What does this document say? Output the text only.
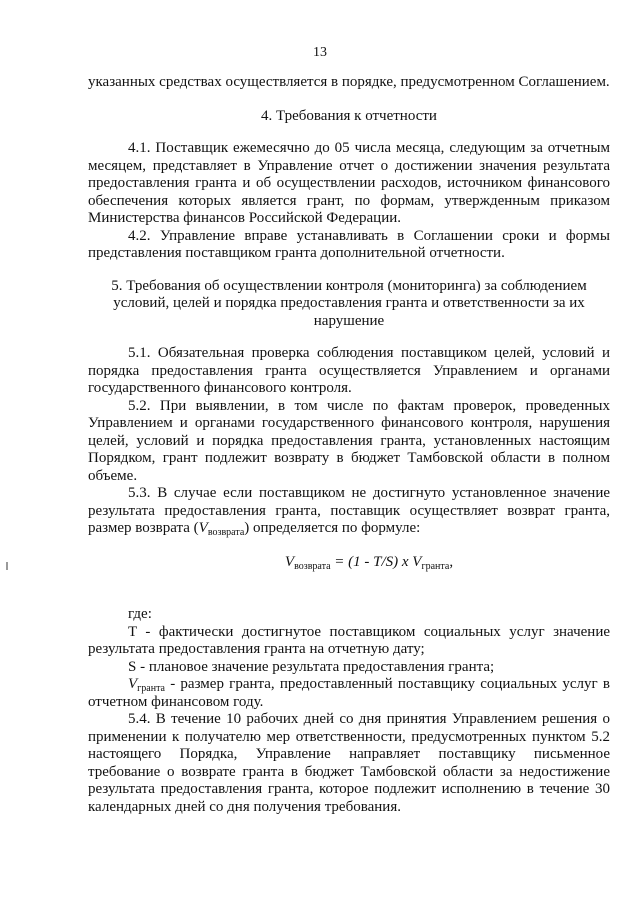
13

указанных средствах осуществляется в порядке, предусмотренном Соглашением.

4. Требования к отчетности

4.1. Поставщик ежемесячно до 05 числа месяца, следующим за отчетным месяцем, представляет в Управление отчет о достижении значения результата предоставления гранта и об осуществлении расходов, источником финансового обеспечения которых является грант, по формам, утвержденным приказом Министерства финансов Российской Федерации.

4.2. Управление вправе устанавливать в Соглашении сроки и формы представления поставщиком гранта дополнительной отчетности.

5. Требования об осуществлении контроля (мониторинга) за соблюдением
условий, целей и порядка предоставления гранта и ответственности за их
нарушение

5.1. Обязательная проверка соблюдения поставщиком целей, условий и порядка предоставления гранта осуществляется Управлением и органами государственного финансового контроля.

5.2. При выявлении, в том числе по фактам проверок, проведенных Управлением и органами государственного финансового контроля, нарушения целей, условий и порядка предоставления гранта, установленных настоящим Порядком, грант подлежит возврату в бюджет Тамбовской области в полном объеме.

5.3. В случае если поставщиком не достигнуто установленное значение результата предоставления гранта, поставщик осуществляет возврат гранта, размер возврата $(V_{возврата})$ определяется по формуле:

$V_{возврата} = (1 - T/S)$ x $V_{гранта}$,

где:

T - фактически достигнутое поставщиком социальных услуг значение результата предоставления гранта на отчетную дату;

S - плановое значение результата предоставления гранта;

$V_{гранта}$ - размер гранта, предоставленный поставщику социальных услуг в отчетном финансовом году.

5.4. В течение 10 рабочих дней со дня принятия Управлением решения о применении к получателю мер ответственности, предусмотренных пунктом 5.2 настоящего Порядка, Управление направляет поставщику письменное требование о возврате гранта в бюджет Тамбовской области за недостижение результата предоставления гранта, которое подлежит исполнению в течение 30 календарных дней со дня получения требования.
